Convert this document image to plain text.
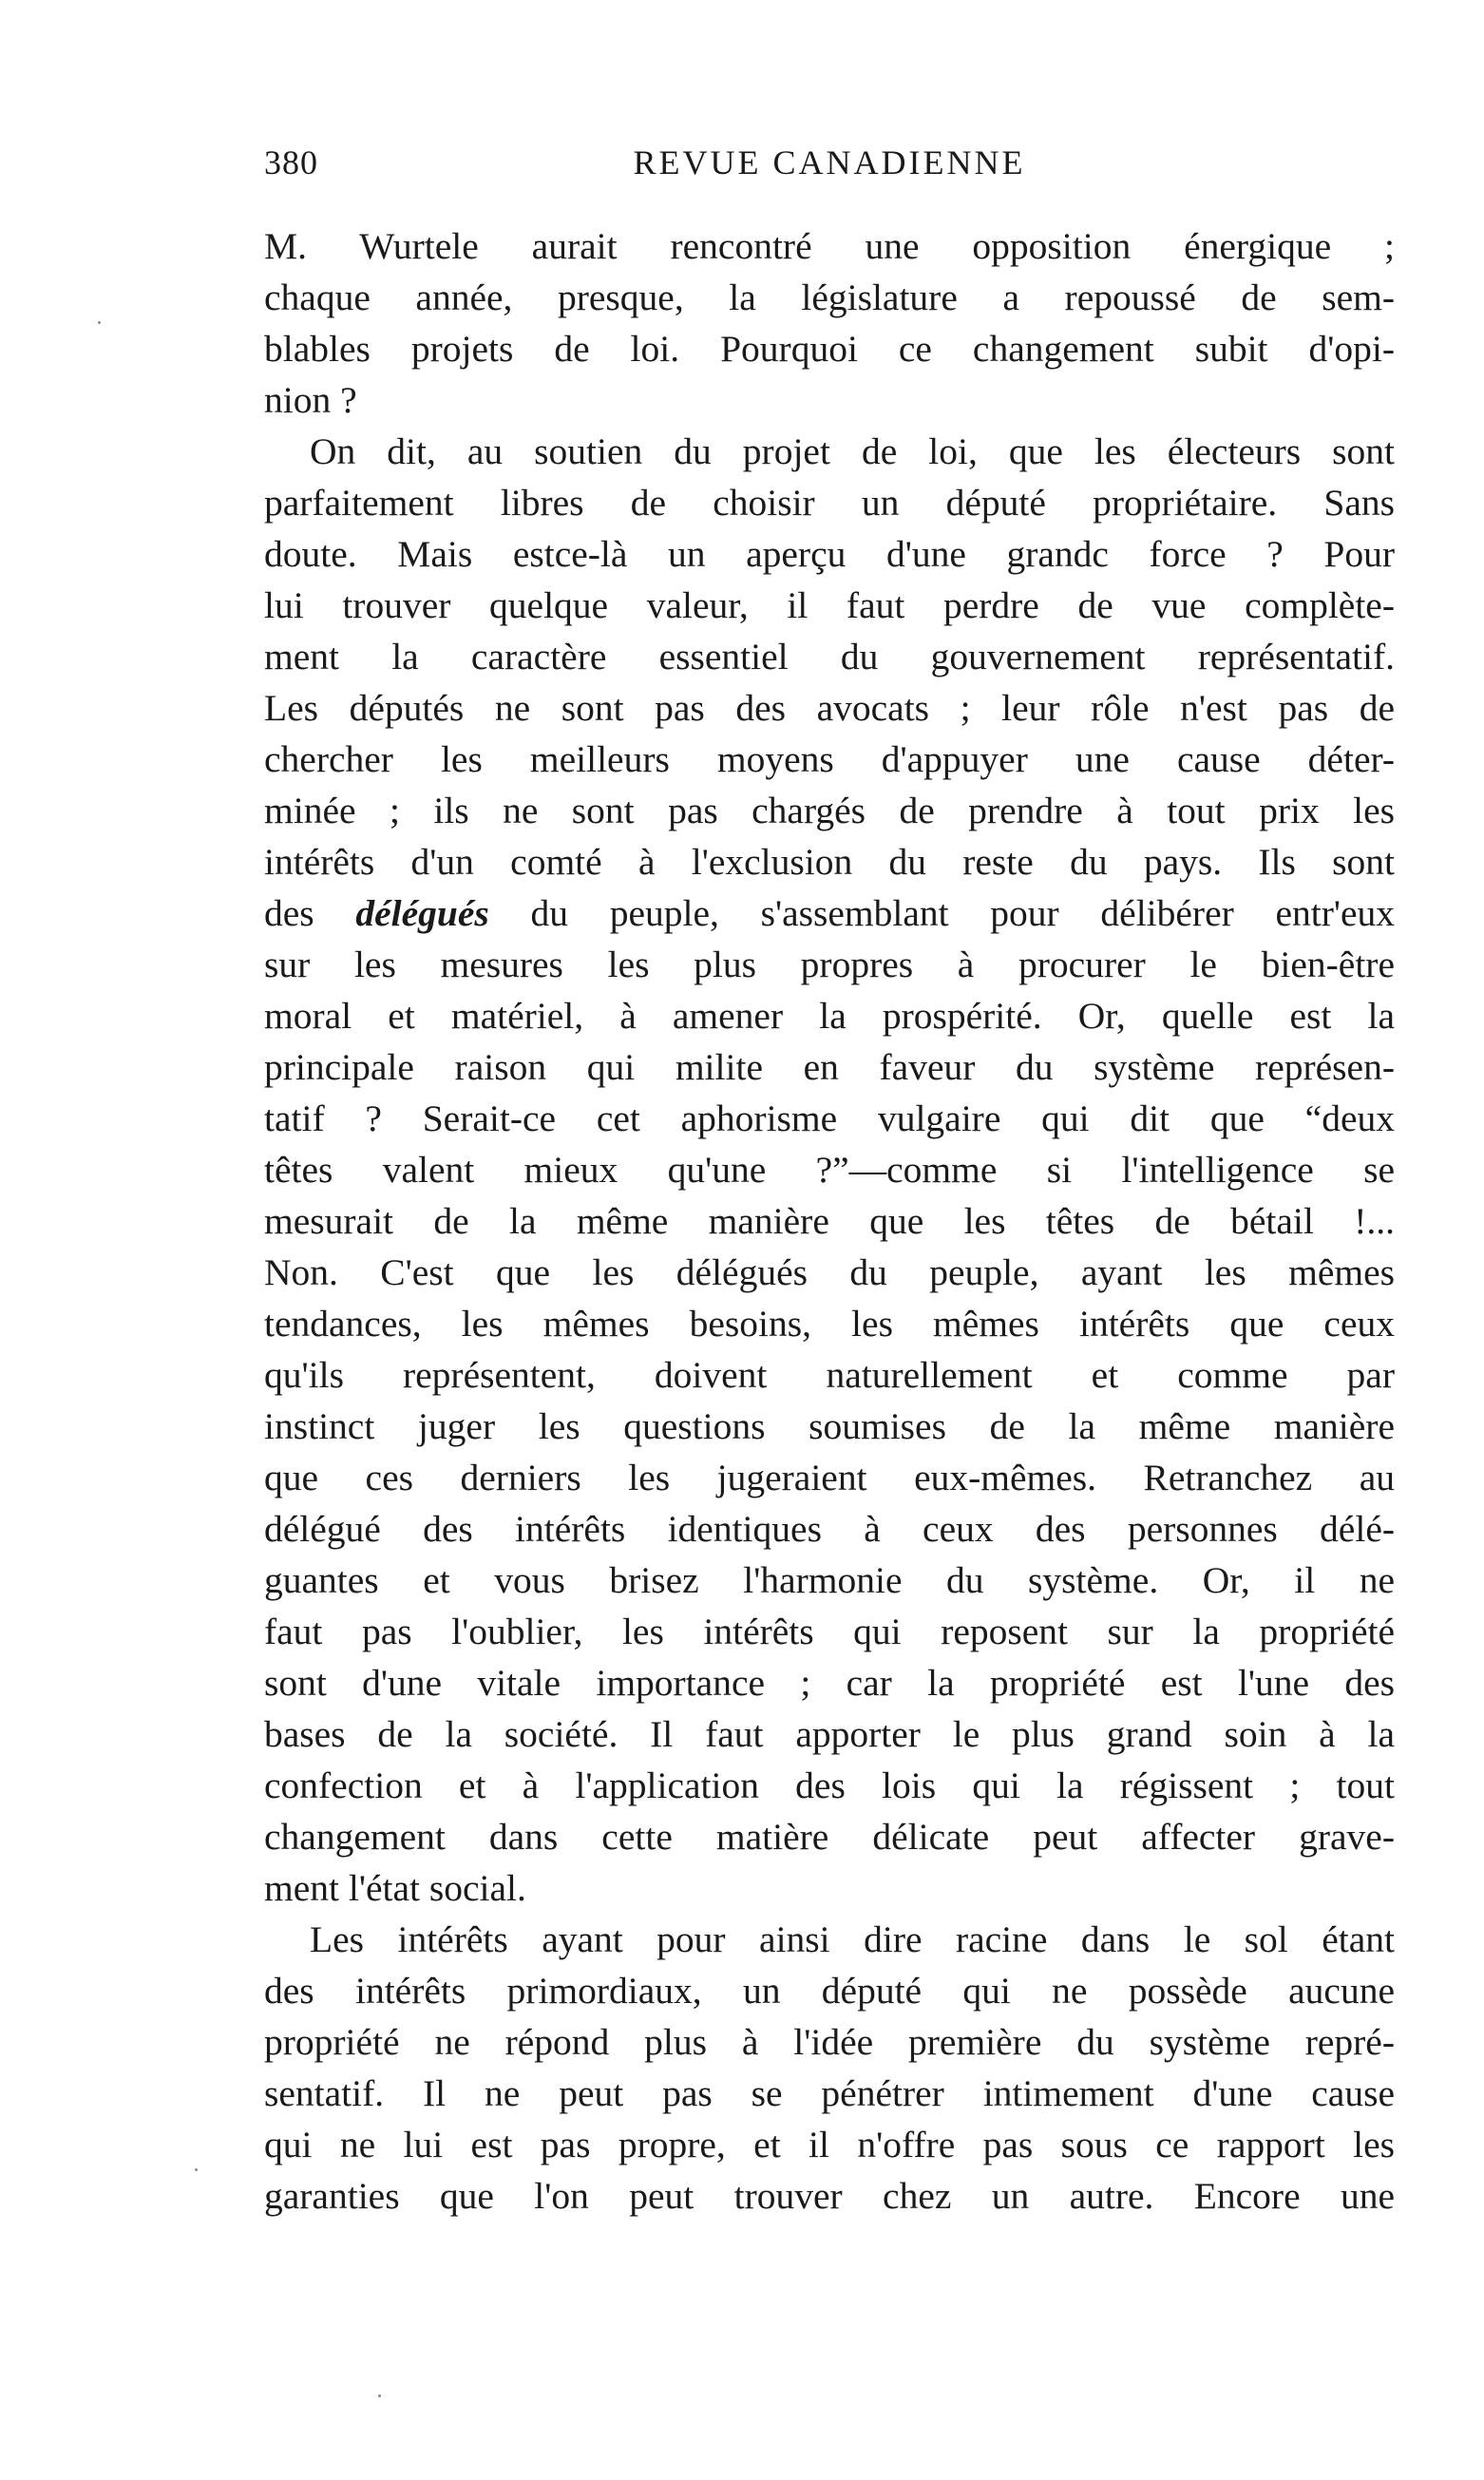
380	REVUE CANADIENNE
M. Wurtele aurait rencontré une opposition énergique ;
chaque année, presque, la législature a repoussé de sem-
blables projets de loi. Pourquoi ce changement subit d'opi-
nion ?
On dit, au soutien du projet de loi, que les électeurs sont
parfaitement libres de choisir un député propriétaire. Sans
doute. Mais estce-là un aperçu d'une grandc force ? Pour
lui trouver quelque valeur, il faut perdre de vue complète-
ment la caractère essentiel du gouvernement représentatif.
Les députés ne sont pas des avocats ; leur rôle n'est pas de
chercher les meilleurs moyens d'appuyer une cause déter-
minée ; ils ne sont pas chargés de prendre à tout prix les
intérêts d'un comté à l'exclusion du reste du pays. Ils sont
des délégués du peuple, s'assemblant pour délibérer entr'eux
sur les mesures les plus propres à procurer le bien-être
moral et matériel, à amener la prospérité. Or, quelle est la
principale raison qui milite en faveur du système représen-
tatif ? Serait-ce cet aphorisme vulgaire qui dit que “deux
têtes valent mieux qu'une ?”—comme si l'intelligence se
mesurait de la même manière que les têtes de bétail !...
Non. C'est que les délégués du peuple, ayant les mêmes
tendances, les mêmes besoins, les mêmes intérêts que ceux
qu'ils représentent, doivent naturellement et comme par
instinct juger les questions soumises de la même manière
que ces derniers les jugeraient eux-mêmes. Retranchez au
délégué des intérêts identiques à ceux des personnes délé-
guantes et vous brisez l'harmonie du système. Or, il ne
faut pas l'oublier, les intérêts qui reposent sur la propriété
sont d'une vitale importance ; car la propriété est l'une des
bases de la société. Il faut apporter le plus grand soin à la
confection et à l'application des lois qui la régissent ; tout
changement dans cette matière délicate peut affecter grave-
ment l'état social.
Les intérêts ayant pour ainsi dire racine dans le sol étant
des intérêts primordiaux, un député qui ne possède aucune
propriété ne répond plus à l'idée première du système repré-
sentatif. Il ne peut pas se pénétrer intimement d'une cause
qui ne lui est pas propre, et il n'offre pas sous ce rapport les
garanties que l'on peut trouver chez un autre. Encore une
